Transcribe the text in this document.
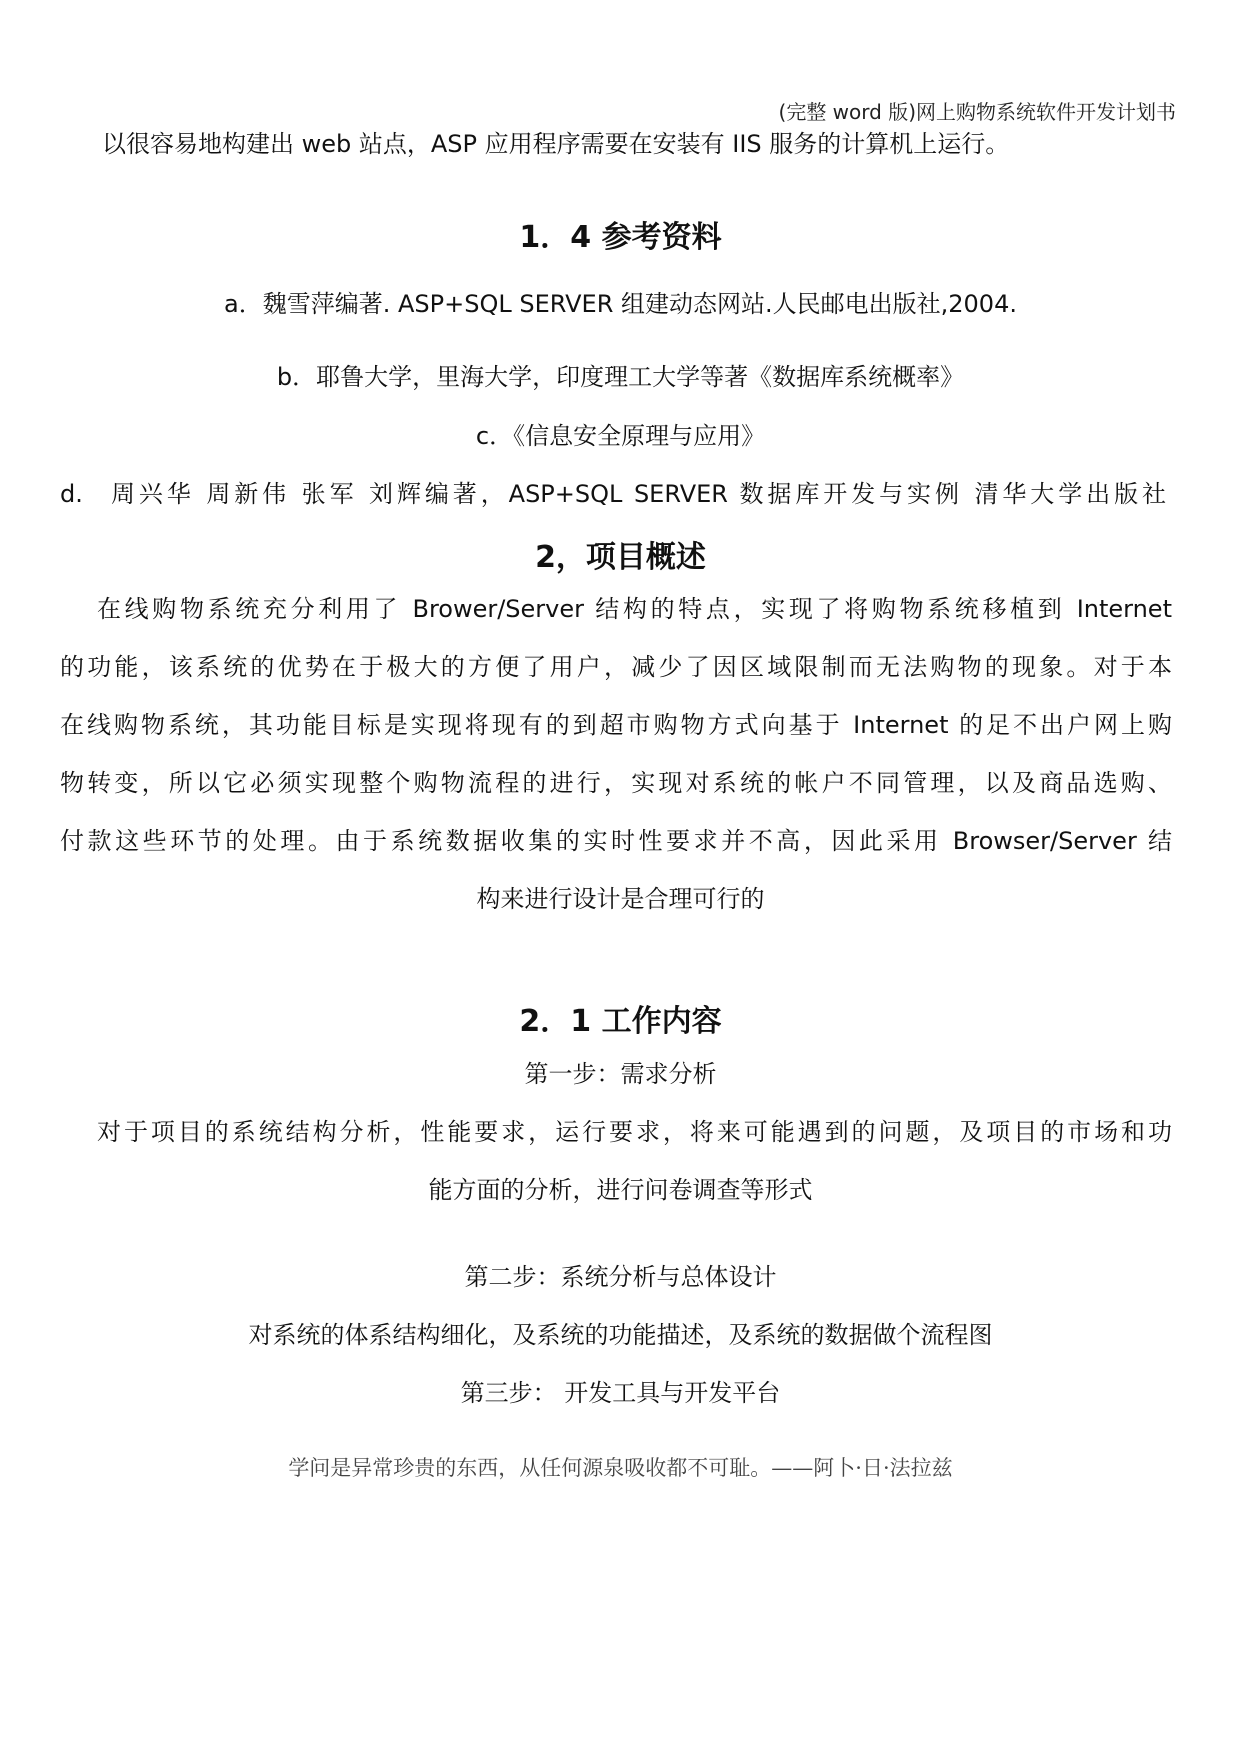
(完整 word 版)网上购物系统软件开发计划书
以很容易地构建出 web 站点，ASP 应用程序需要在安装有 IIS 服务的计算机上运行。
1．4 参考资料
a．魏雪萍编著. ASP+SQL SERVER 组建动态网站.人民邮电出版社,2004.
b．耶鲁大学，里海大学，印度理工大学等著《数据库系统概率》
c．《信息安全原理与应用》
d. 周兴华 周新伟 张军 刘辉编著，ASP+SQL SERVER 数据库开发与实例 清华大学出版社
2，项目概述
在线购物系统充分利用了 Brower/Server 结构的特点，实现了将购物系统移植到 Internet
的功能，该系统的优势在于极大的方便了用户，减少了因区域限制而无法购物的现象。对于本
在线购物系统，其功能目标是实现将现有的到超市购物方式向基于 Internet 的足不出户网上购
物转变，所以它必须实现整个购物流程的进行，实现对系统的帐户不同管理，以及商品选购、
付款这些环节的处理。由于系统数据收集的实时性要求并不高，因此采用 Browser/Server 结
构来进行设计是合理可行的
2．1 工作内容
第一步：需求分析
对于项目的系统结构分析，性能要求，运行要求，将来可能遇到的问题，及项目的市场和功
能方面的分析，进行问卷调查等形式
第二步：系统分析与总体设计
对系统的体系结构细化，及系统的功能描述，及系统的数据做个流程图
第三步： 开发工具与开发平台
学问是异常珍贵的东西，从任何源泉吸收都不可耻。——阿卜·日·法拉兹
